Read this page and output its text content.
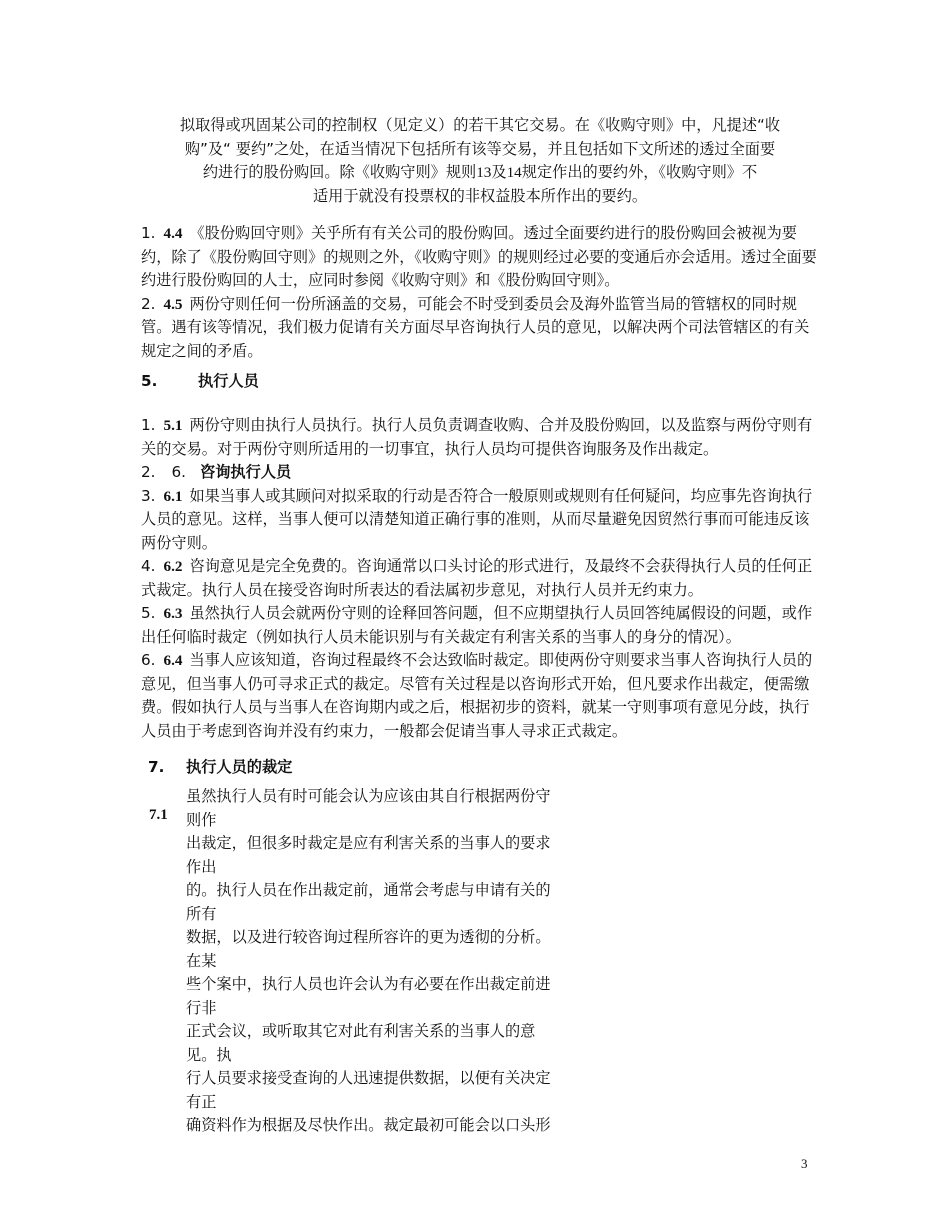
拟取得或巩固某公司的控制权（见定义）的若干其它交易。在《收购守则》中，凡提述“收
购”及“ 要约”之处，在适当情况下包括所有该等交易，并且包括如下文所述的透过全面要
约进行的股份购回。除《收购守则》规则13及14规定作出的要约外，《收购守则》不
适用于就没有投票权的非权益股本所作出的要约。

1. 4.4 《股份购回守则》关乎所有有关公司的股份购回。透过全面要约进行的股份购回会被视为要约，除了《股份购回守则》的规则之外，《收购守则》的规则经过必要的变通后亦会适用。透过全面要约进行股份购回的人士，应同时参阅《收购守则》和《股份购回守则》。
2. 4.5 两份守则任何一份所涵盖的交易，可能会不时受到委员会及海外监管当局的管辖权的同时规管。遇有该等情况，我们极力促请有关方面尽早咨询执行人员的意见，以解决两个司法管辖区的有关规定之间的矛盾。
5.	执行人员
1. 5.1 两份守则由执行人员执行。执行人员负责调查收购、合并及股份购回，以及监察与两份守则有关的交易。对于两份守则所适用的一切事宜，执行人员均可提供咨询服务及作出裁定。
2. 6. 咨询执行人员
3. 6.1 如果当事人或其顾问对拟采取的行动是否符合一般原则或规则有任何疑问，均应事先咨询执行人员的意见。这样，当事人便可以清楚知道正确行事的准则，从而尽量避免因贸然行事而可能违反该两份守则。
4. 6.2 咨询意见是完全免费的。咨询通常以口头讨论的形式进行，及最终不会获得执行人员的任何正式裁定。执行人员在接受咨询时所表达的看法属初步意见，对执行人员并无约束力。
5. 6.3 虽然执行人员会就两份守则的诠释回答问题，但不应期望执行人员回答纯属假设的问题，或作出任何临时裁定（例如执行人员未能识别与有关裁定有利害关系的当事人的身分的情况）。
6. 6.4 当事人应该知道，咨询过程最终不会达致临时裁定。即使两份守则要求当事人咨询执行人员的意见，但当事人仍可寻求正式的裁定。尽管有关过程是以咨询形式开始，但凡要求作出裁定，便需缴费。假如执行人员与当事人在咨询期内或之后，根据初步的资料，就某一守则事项有意见分歧，执行人员由于考虑到咨询并没有约束力，一般都会促请当事人寻求正式裁定。
7. 执行人员的裁定
7.1

虽然执行人员有时可能会认为应该由其自行根据两份守

则作

出裁定，但很多时裁定是应有利害关系的当事人的要求

作出

的。执行人员在作出裁定前，通常会考虑与申请有关的

所有

数据，以及进行较咨询过程所容许的更为透彻的分析。

在某

些个案中，执行人员也许会认为有必要在作出裁定前进

行非

正式会议，或听取其它对此有利害关系的当事人的意

见。执

行人员要求接受查询的人迅速提供数据，以便有关决定

有正

确资料作为根据及尽快作出。裁定最初可能会以口头形

3
